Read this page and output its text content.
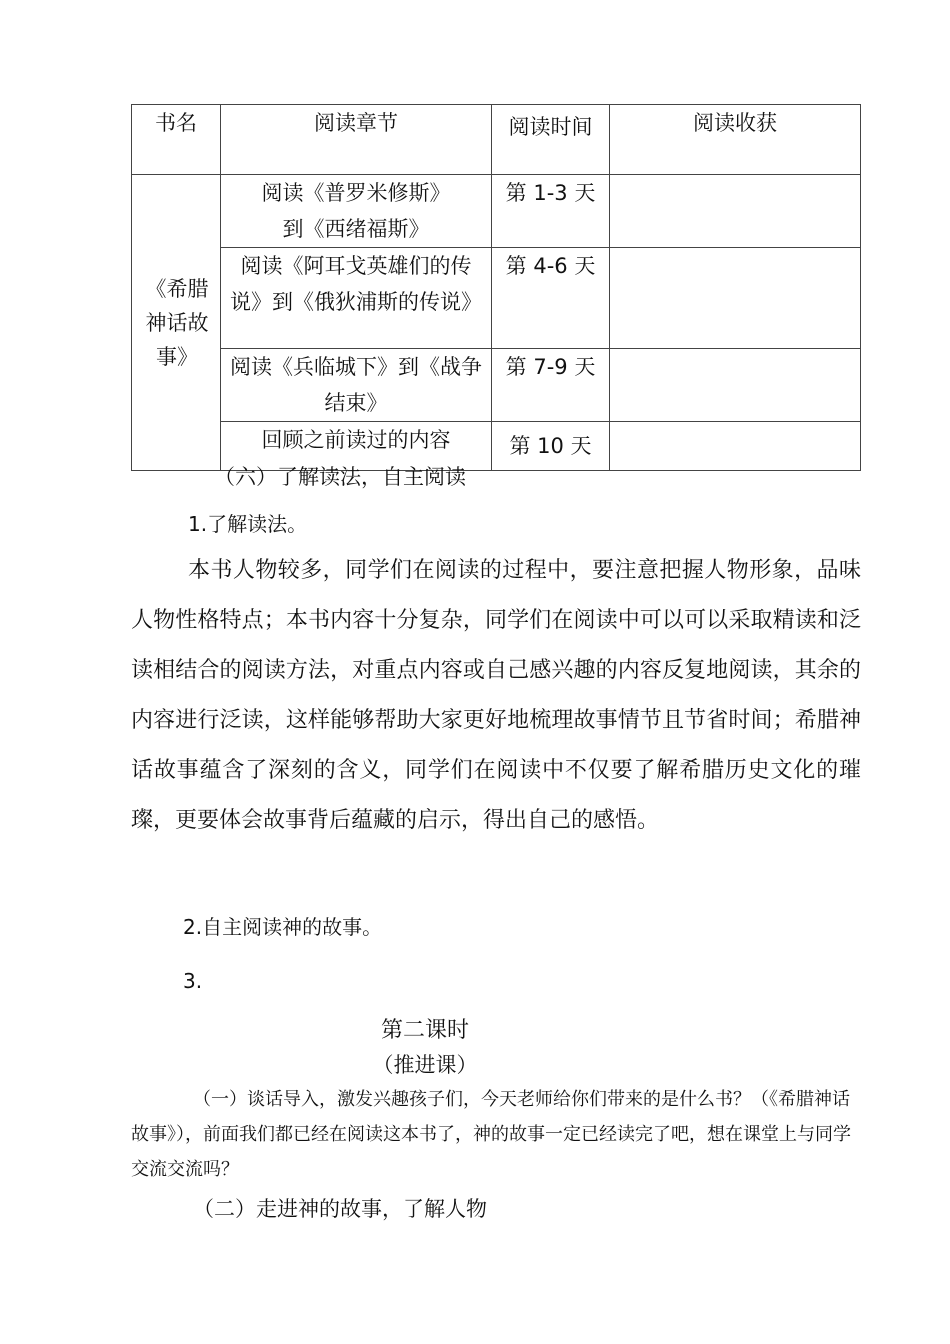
书名	阅读章节	阅读时间	阅读收获

《希腊神话故事》	阅读《普罗米修斯》到《西绪福斯》	第 1-3 天	
	阅读《阿耳戈英雄们的传说》到《俄狄浦斯的传说》	第 4-6 天	
	阅读《兵临城下》到《战争结束》	第 7-9 天	
	回顾之前读过的内容	第 10 天	
（六）了解读法，自主阅读
1.了解读法。
本书人物较多，同学们在阅读的过程中，要注意把握人物形象，品味人物性格特点；本书内容十分复杂，同学们在阅读中可以可以采取精读和泛读相结合的阅读方法，对重点内容或自己感兴趣的内容反复地阅读，其余的内容进行泛读，这样能够帮助大家更好地梳理故事情节且节省时间；希腊神话故事蕴含了深刻的含义，同学们在阅读中不仅要了解希腊历史文化的璀璨，更要体会故事背后蕴藏的启示，得出自己的感悟。
2.自主阅读神的故事。
3.
第二课时
（推进课）
（一）谈话导入，激发兴趣孩子们，今天老师给你们带来的是什么书？（《希腊神话故事》），前面我们都已经在阅读这本书了，神的故事一定已经读完了吧，想在课堂上与同学交流交流吗？
（二）走进神的故事，了解人物
